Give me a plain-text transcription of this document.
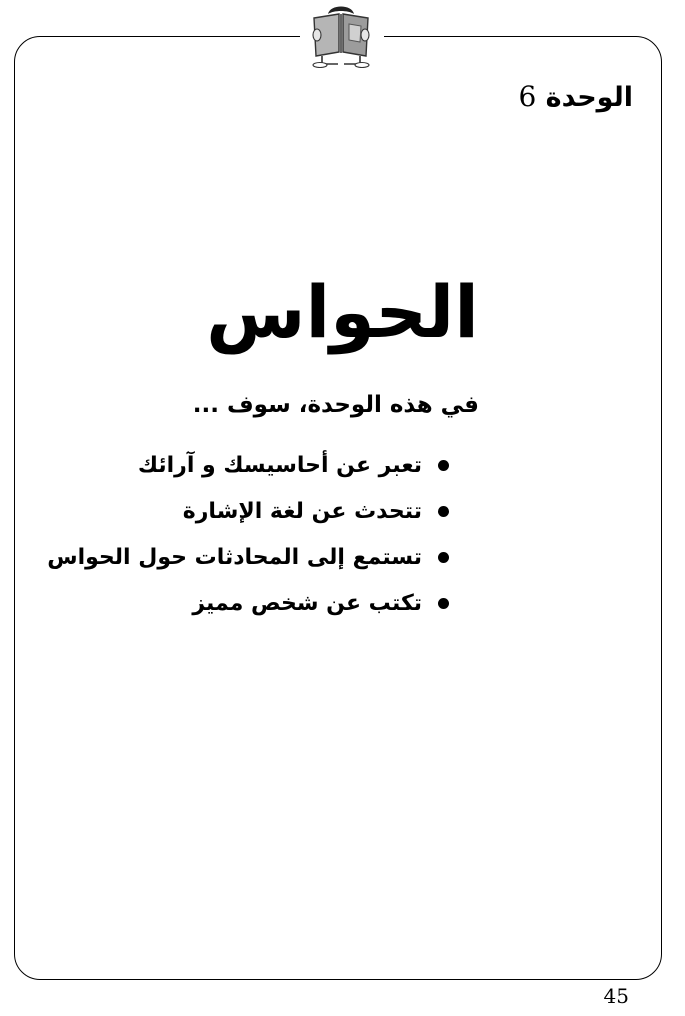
الوحدة 6
الحواس
في هذه الوحدة، سوف ...
تعبر عن أحاسيسك و آرائك
تتحدث عن لغة الإشارة
تستمع إلى المحادثات حول الحواس
تكتب عن شخص مميز
45
